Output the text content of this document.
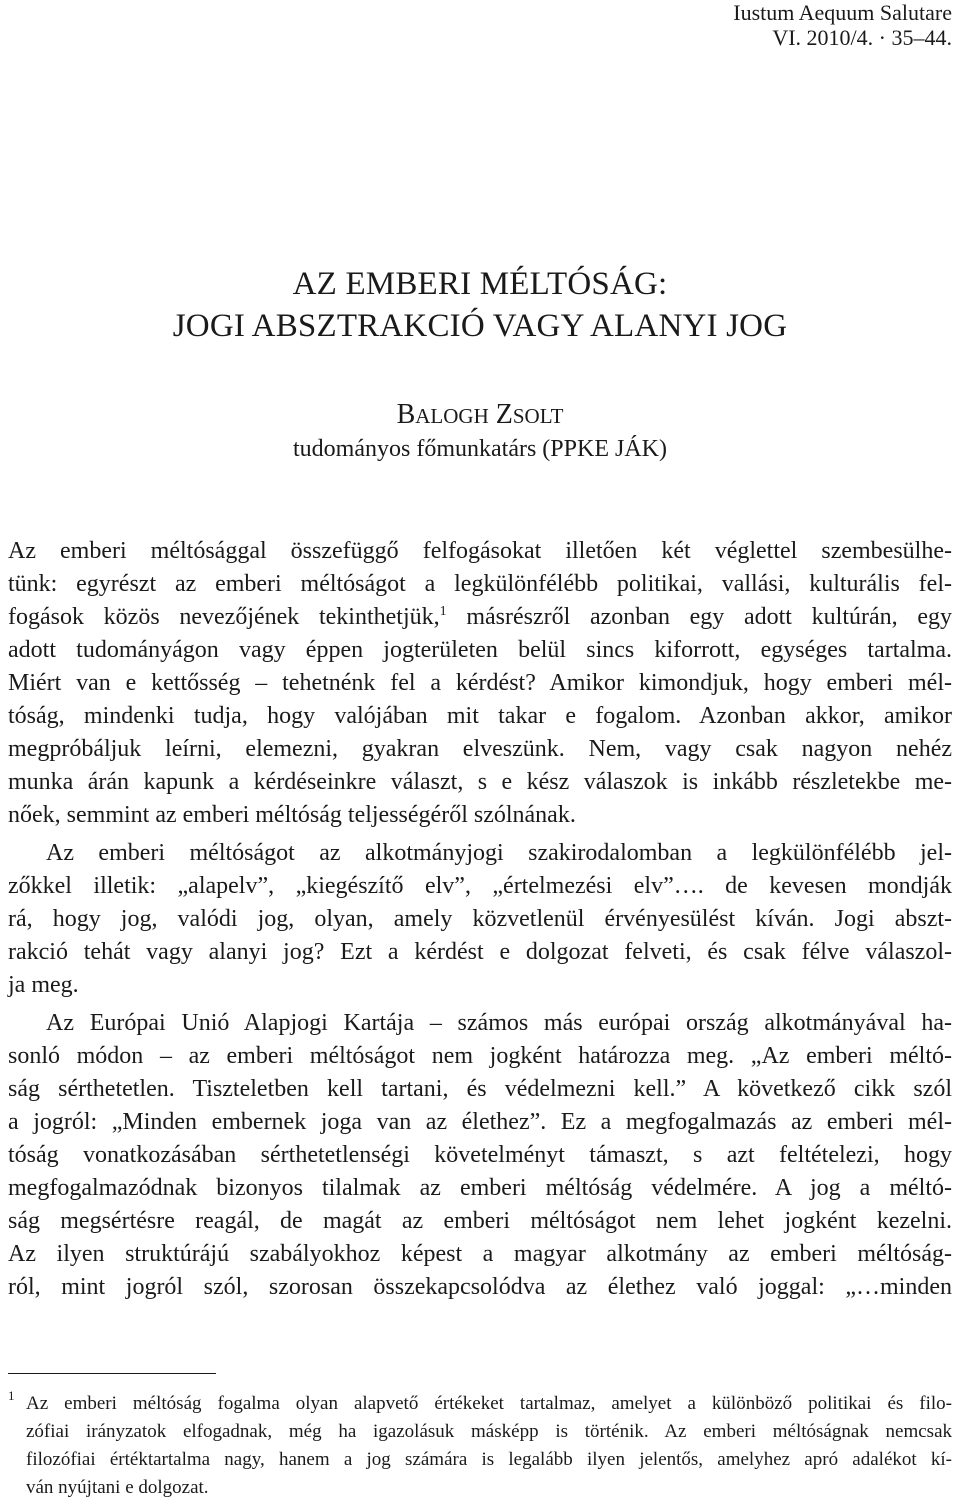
Iustum Aequum Salutare
VI. 2010/4. · 35–44.
AZ EMBERI MÉLTÓSÁG:
JOGI ABSZTRAKCIÓ VAGY ALANYI JOG
BALOGH ZSOLT
tudományos főmunkatárs (PPKE JÁK)
Az emberi méltósággal összefüggő felfogásokat illetően két véglettel szembesülhe-
tünk: egyrészt az emberi méltóságot a legkülönfélébb politikai, vallási, kulturális fel-
fogások közös nevezőjének tekinthetjük,$^1$ másrészről azonban egy adott kultúrán, egy
adott tudományágon vagy éppen jogterületen belül sincs kiforrott, egységes tartalma.
Miért van e kettősség – tehetnénk fel a kérdést? Amikor kimondjuk, hogy emberi mél-
tóság, mindenki tudja, hogy valójában mit takar e fogalom. Azonban akkor, amikor
megpróbáljuk leírni, elemezni, gyakran elveszünk. Nem, vagy csak nagyon nehéz
munka árán kapunk a kérdéseinkre választ, s e kész válaszok is inkább részletekbe me-
nőek, semmint az emberi méltóság teljességéről szólnának.
Az emberi méltóságot az alkotmányjogi szakirodalomban a legkülönfélébb jel-
zőkkel illetik: „alapelv”, „kiegészítő elv”, „értelmezési elv”…. de kevesen mondják
rá, hogy jog, valódi jog, olyan, amely közvetlenül érvényesülést kíván. Jogi abszt-
rakció tehát vagy alanyi jog? Ezt a kérdést e dolgozat felveti, és csak félve válaszol-
ja meg.
Az Európai Unió Alapjogi Kartája – számos más európai ország alkotmányával ha-
sonló módon – az emberi méltóságot nem jogként határozza meg. „Az emberi méltó-
ság sérthetetlen. Tiszteletben kell tartani, és védelmezni kell.” A következő cikk szól
a jogról: „Minden embernek joga van az élethez”. Ez a megfogalmazás az emberi mél-
tóság vonatkozásában sérthetetlenségi követelményt támaszt, s azt feltételezi, hogy
megfogalmazódnak bizonyos tilalmak az emberi méltóság védelmére. A jog a méltó-
ság megsértésre reagál, de magát az emberi méltóságot nem lehet jogként kezelni.
Az ilyen struktúrájú szabályokhoz képest a magyar alkotmány az emberi méltóság-
ról, mint jogról szól, szorosan összekapcsolódva az élethez való joggal: „…minden
1 Az emberi méltóság fogalma olyan alapvető értékeket tartalmaz, amelyet a különböző politikai és filo-
zófiai irányzatok elfogadnak, még ha igazolásuk másképp is történik. Az emberi méltóságnak nemcsak
filozófiai értéktartalma nagy, hanem a jog számára is legalább ilyen jelentős, amelyhez apró adalékot kí-
ván nyújtani e dolgozat.
